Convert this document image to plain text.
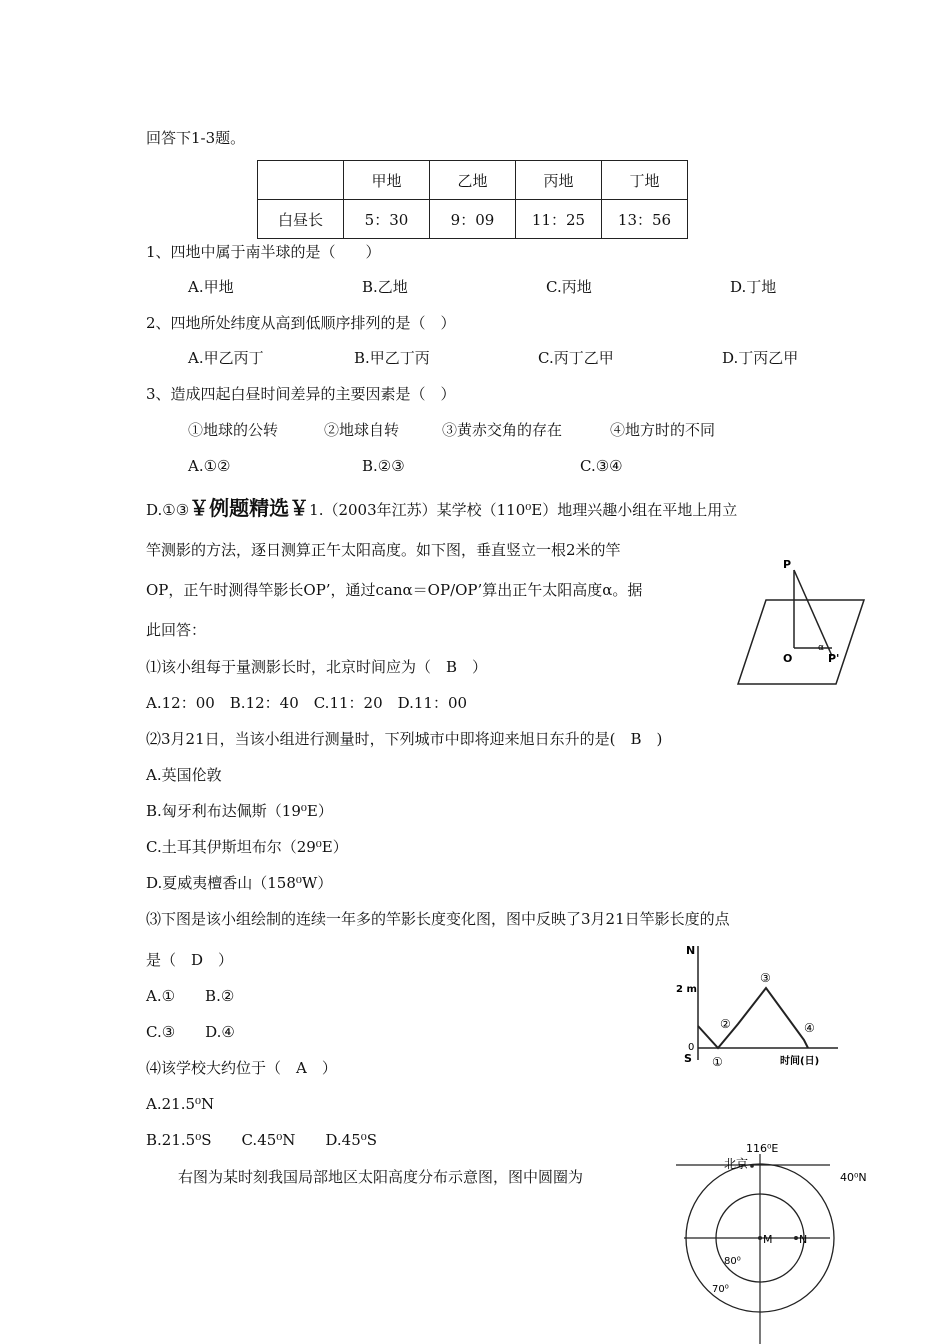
回答下1-3题。
	甲地	乙地	丙地	丁地
白昼长	5：30	9：09	11：25	13：56
1、四地中属于南半球的是（　　）
A.甲地	B.乙地	C.丙地	D.丁地
2、四地所处纬度从高到低顺序排列的是（　）
A.甲乙丙丁	B.甲乙丁丙	C.丙丁乙甲	D.丁丙乙甲
3、造成四起白昼时间差异的主要因素是（　）
①地球的公转	②地球自转	③黄赤交角的存在	④地方时的不同
A.①②	B.②③	C.③④
D.①③￥例题精选￥1.（2003年江苏）某学校（110⁰E）地理兴趣小组在平地上用立
竿测影的方法，逐日测算正午太阳高度。如下图，垂直竖立一根2米的竿
OP，正午时测得竿影长OP’，通过canα＝OP/OP’算出正午太阳高度α。据
此回答：
⑴该小组每于量测影长时，北京时间应为（　B　）
A.12：00　B.12：40　C.11：20　D.11：00
⑵3月21日，当该小组进行测量时，下列城市中即将迎来旭日东升的是(　B　)
A.英国伦敦
B.匈牙利布达佩斯（19⁰E）
C.土耳其伊斯坦布尔（29⁰E）
D.夏威夷檀香山（158⁰W）
⑶下图是该小组绘制的连续一年多的竿影长度变化图，图中反映了3月21日竿影长度的点
是（　D　）
A.①　　B.②
C.③　　D.④
⑷该学校大约位于（　A　）
A.21.5⁰N
B.21.5⁰S　　C.45⁰N　　D.45⁰S
右图为某时刻我国局部地区太阳高度分布示意图，图中圆圈为
P
O	P'
α
N
S
2 m
0
①
②
③
④
时间(日)
116⁰E
北京
40⁰N
M N
80⁰
70⁰
